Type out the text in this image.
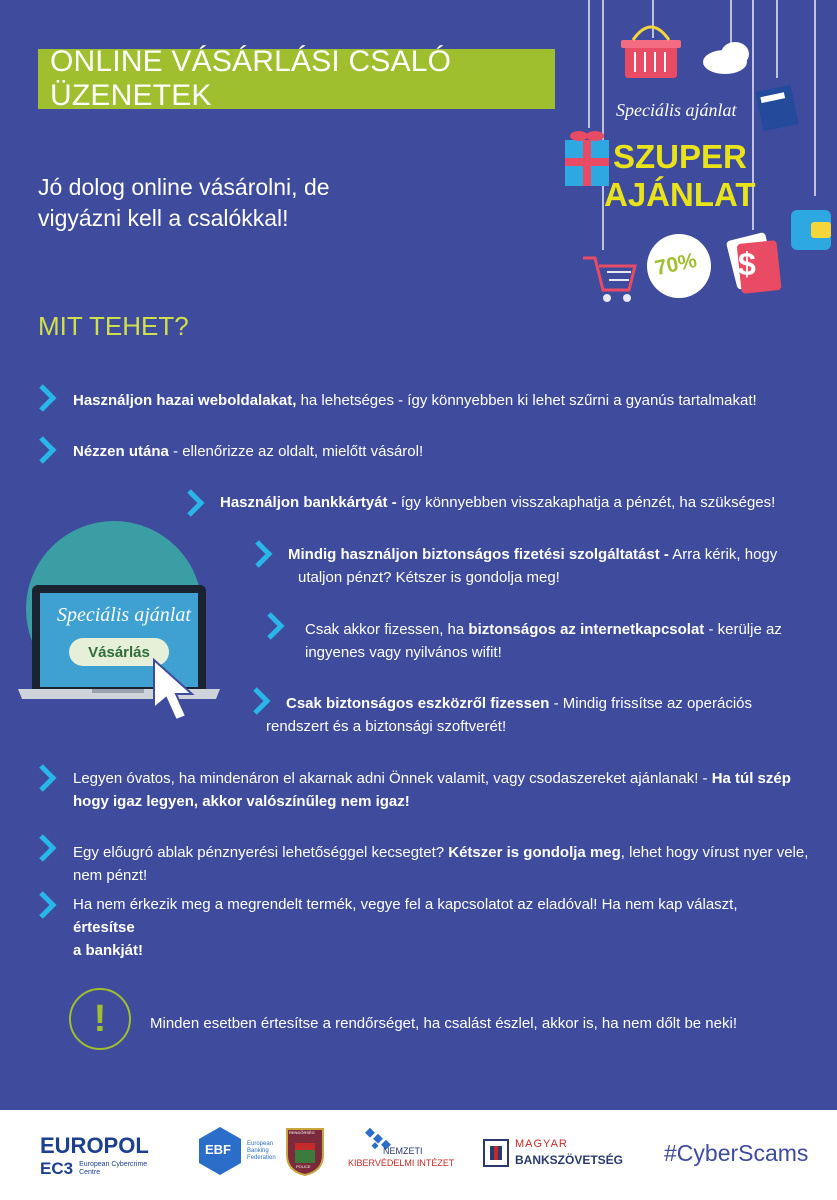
ONLINE VÁSÁRLÁSI CSALÓ ÜZENETEK
Jó dolog online vásárolni, de
vigyázni kell a csalókkal!
Speciális ajánlat
SZUPER
AJÁNLAT
70% $
MIT TEHET?
Speciális ajánlat
Vásárlás
Használjon hazai weboldalakat, ha lehetséges - így könnyebben ki lehet szűrni a gyanús tartalmakat!
Nézzen utána - ellenőrizze az oldalt, mielőtt vásárol!
Használjon bankkártyát - így könnyebben visszakaphatja a pénzét, ha szükséges!
Mindig használjon biztonságos fizetési szolgáltatást - Arra kérik, hogy
utaljon pénzt? Kétszer is gondolja meg!
Csak akkor fizessen, ha biztonságos az internetkapcsolat - kerülje az
ingyenes vagy nyilvános wifit!
Csak biztonságos eszközről fizessen - Mindig frissítse az operációs
rendszert és a biztonsági szoftverét!
Legyen óvatos, ha mindenáron el akarnak adni Önnek valamit, vagy csodaszereket ajánlanak! - Ha túl szép
hogy igaz legyen, akkor valószínűleg nem igaz!
Egy előugró ablak pénznyerési lehetőséggel kecsegtet? Kétszer is gondolja meg, lehet hogy vírust nyer vele, nem pénzt!
Ha nem érkezik meg a megrendelt termék, vegye fel a kapcsolatot az eladóval! Ha nem kap választ, értesítse
a bankját!
!	Minden esetben értesítse a rendőrséget, ha csalást észlel, akkor is, ha nem dőlt be neki!
EUROPOL
EC3 European Cybercrime
Centre
EBF	European Banking Federation
RENDŐRSÉG
POLICE
NEMZETI
KIBERVÉDELMI INTÉZET
MAGYAR
BANKSZÖVETSÉG #CyberScams
